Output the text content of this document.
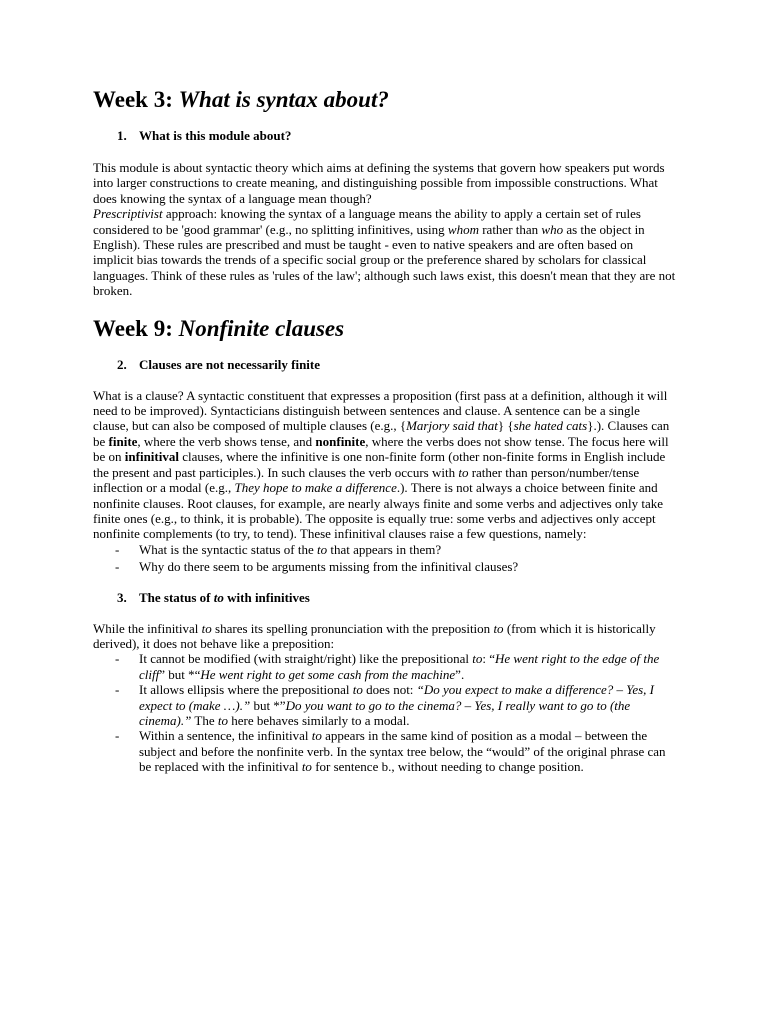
Week 3: What is syntax about?
1. What is this module about?

This module is about syntactic theory which aims at defining the systems that govern how speakers put words into larger constructions to create meaning, and distinguishing possible from impossible constructions. What does knowing the syntax of a language mean though?

Prescriptivist approach: knowing the syntax of a language means the ability to apply a certain set of rules considered to be 'good grammar' (e.g., no splitting infinitives, using whom rather than who as the object in English). These rules are prescribed and must be taught - even to native speakers and are often based on implicit bias towards the trends of a specific social group or the preference shared by scholars for classical languages. Think of these rules as 'rules of the law'; although such laws exist, this doesn't mean that they are not broken.

Week 9: Nonfinite clauses
2. Clauses are not necessarily finite

What is a clause? A syntactic constituent that expresses a proposition (first pass at a definition, although it will need to be improved). Syntacticians distinguish between sentences and clause. A sentence can be a single clause, but can also be composed of multiple clauses (e.g., {Marjory said that} {she hated cats}.). Clauses can be finite, where the verb shows tense, and nonfinite, where the verbs does not show tense. The focus here will be on infinitival clauses, where the infinitive is one non-finite form (other non-finite forms in English include the present and past participles.). In such clauses the verb occurs with to rather than person/number/tense inflection or a modal (e.g., They hope to make a difference.). There is not always a choice between finite and nonfinite clauses. Root clauses, for example, are nearly always finite and some verbs and adjectives only take finite ones (e.g., to think, it is probable). The opposite is equally true: some verbs and adjectives only accept nonfinite complements (to try, to tend). These infinitival clauses raise a few questions, namely:

- What is the syntactic status of the to that appears in them?
- Why do there seem to be arguments missing from the infinitival clauses?
3. The status of to with infinitives

While the infinitival to shares its spelling pronunciation with the preposition to (from which it is historically derived), it does not behave like a preposition:

- It cannot be modified (with straight/right) like the prepositional to: “He went right to the edge of the cliff” but *“He went right to get some cash from the machine”.
- It allows ellipsis where the prepositional to does not: “Do you expect to make a difference? – Yes, I expect to (make …).” but *”Do you want to go to the cinema? – Yes, I really want to go to (the cinema).” The to here behaves similarly to a modal.
- Within a sentence, the infinitival to appears in the same kind of position as a modal – between the subject and before the nonfinite verb. In the syntax tree below, the “would” of the original phrase can be replaced with the infinitival to for sentence b., without needing to change position.
